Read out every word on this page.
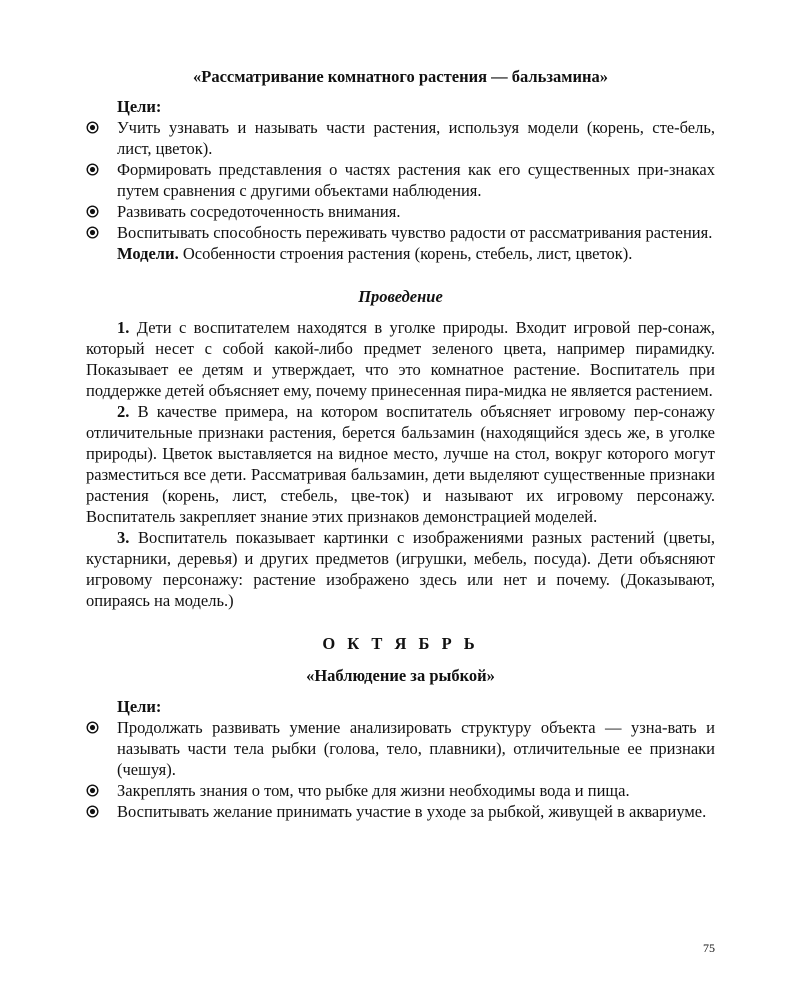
«Рассматривание комнатного растения — бальзамина»
Цели:
Учить узнавать и называть части растения, используя модели (корень, сте-бель, лист, цветок).
Формировать представления о частях растения как его существенных при-знаках путем сравнения с другими объектами наблюдения.
Развивать сосредоточенность внимания.
Воспитывать способность переживать чувство радости от рассматривания растения.
Модели. Особенности строения растения (корень, стебель, лист, цветок).
Проведение

1. Дети с воспитателем находятся в уголке природы. Входит игровой пер-сонаж, который несет с собой какой-либо предмет зеленого цвета, например пирамидку. Показывает ее детям и утверждает, что это комнатное растение. Воспитатель при поддержке детей объясняет ему, почему принесенная пира-мидка не является растением.

2. В качестве примера, на котором воспитатель объясняет игровому пер-сонажу отличительные признаки растения, берется бальзамин (находящийся здесь же, в уголке природы). Цветок выставляется на видное место, лучше на стол, вокруг которого могут разместиться все дети. Рассматривая бальзамин, дети выделяют существенные признаки растения (корень, лист, стебель, цве-ток) и называют их игровому персонажу. Воспитатель закрепляет знание этих признаков демонстрацией моделей.

3. Воспитатель показывает картинки с изображениями разных растений (цветы, кустарники, деревья) и других предметов (игрушки, мебель, посуда). Дети объясняют игровому персонажу: растение изображено здесь или нет и почему. (Доказывают, опираясь на модель.)

О К Т Я Б Р Ь
«Наблюдение за рыбкой»
Цели:
Продолжать развивать умение анализировать структуру объекта — узна-вать и называть части тела рыбки (голова, тело, плавники), отличительные ее признаки (чешуя).
Закреплять знания о том, что рыбке для жизни необходимы вода и пища.
Воспитывать желание принимать участие в уходе за рыбкой, живущей в аквариуме.
75
